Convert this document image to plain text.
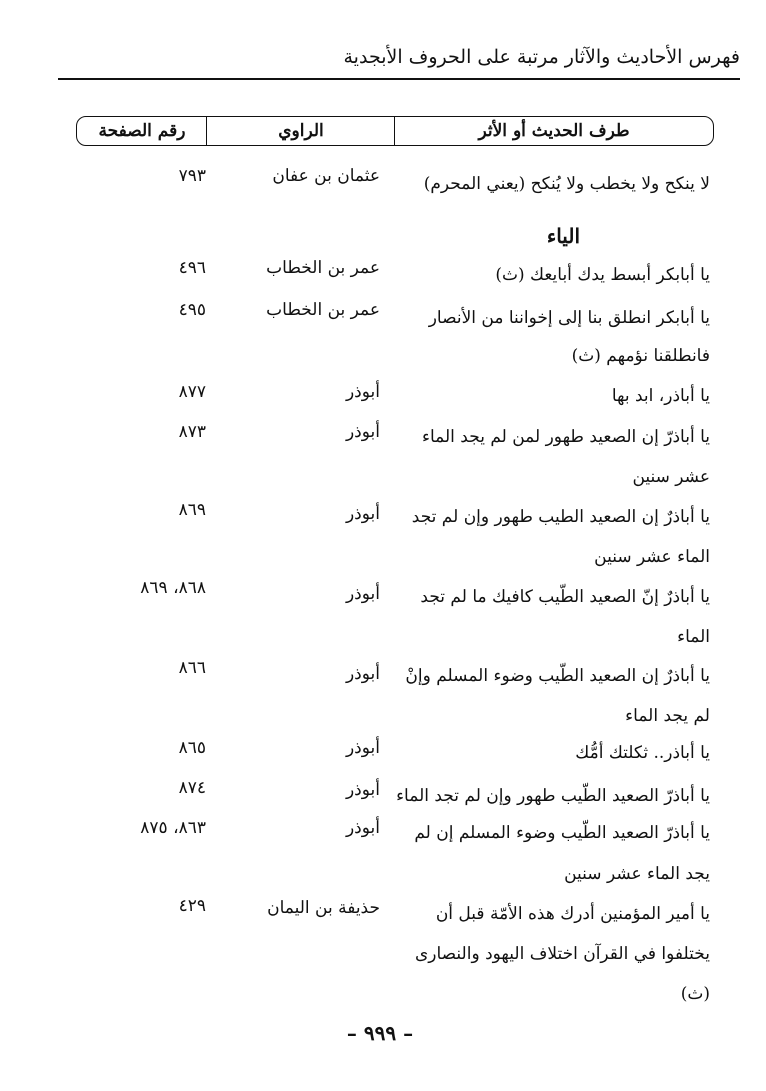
فهرس الأحاديث والآثار مرتبة على الحروف الأبجدية
طرف الحديث أو الأثر
الراوي
رقم الصفحة
لا ينكح ولا يخطب ولا يُنكح (يعني المحرم)
عثمان بن عفان
٧٩٣
الياء
يا أبابكر أبسط يدك أبايعك (ث)
عمر بن الخطاب
٤٩٦
يا أبابكر انطلق بنا إلى إخواننا من الأنصار
عمر بن الخطاب
٤٩٥
فانطلقنا نؤمهم (ث)
يا أباذر، ابد بها
أبوذر
٨٧٧
يا أباذرّ إن الصعيد طهور لمن لم يجد الماء
أبوذر
٨٧٣
عشر سنين
يا أباذرٌ إن الصعيد الطيب طهور وإن لم تجد
أبوذر
٨٦٩
الماء عشر سنين
يا أباذرٌ إنّ الصعيد الطّيب كافيك ما لم تجد
أبوذر
٨٦٨، ٨٦٩
الماء
يا أباذرٌ إن الصعيد الطّيب وضوء المسلم وإنْ
أبوذر
٨٦٦
لم يجد الماء
يا أباذر.. ثكلتك أمُّك
أبوذر
٨٦٥
يا أباذرّ الصعيد الطّيب طهور وإن لم تجد الماء
أبوذر
٨٧٤
يا أباذرّ الصعيد الطّيب وضوء المسلم إن لم
أبوذر
٨٦٣، ٨٧٥
يجد الماء عشر سنين
يا أمير المؤمنين أدرك هذه الأمّة قبل أن
حذيفة بن اليمان
٤٢٩
يختلفوا في القرآن اختلاف اليهود والنصارى
(ث)
– ٩٩٩ –
